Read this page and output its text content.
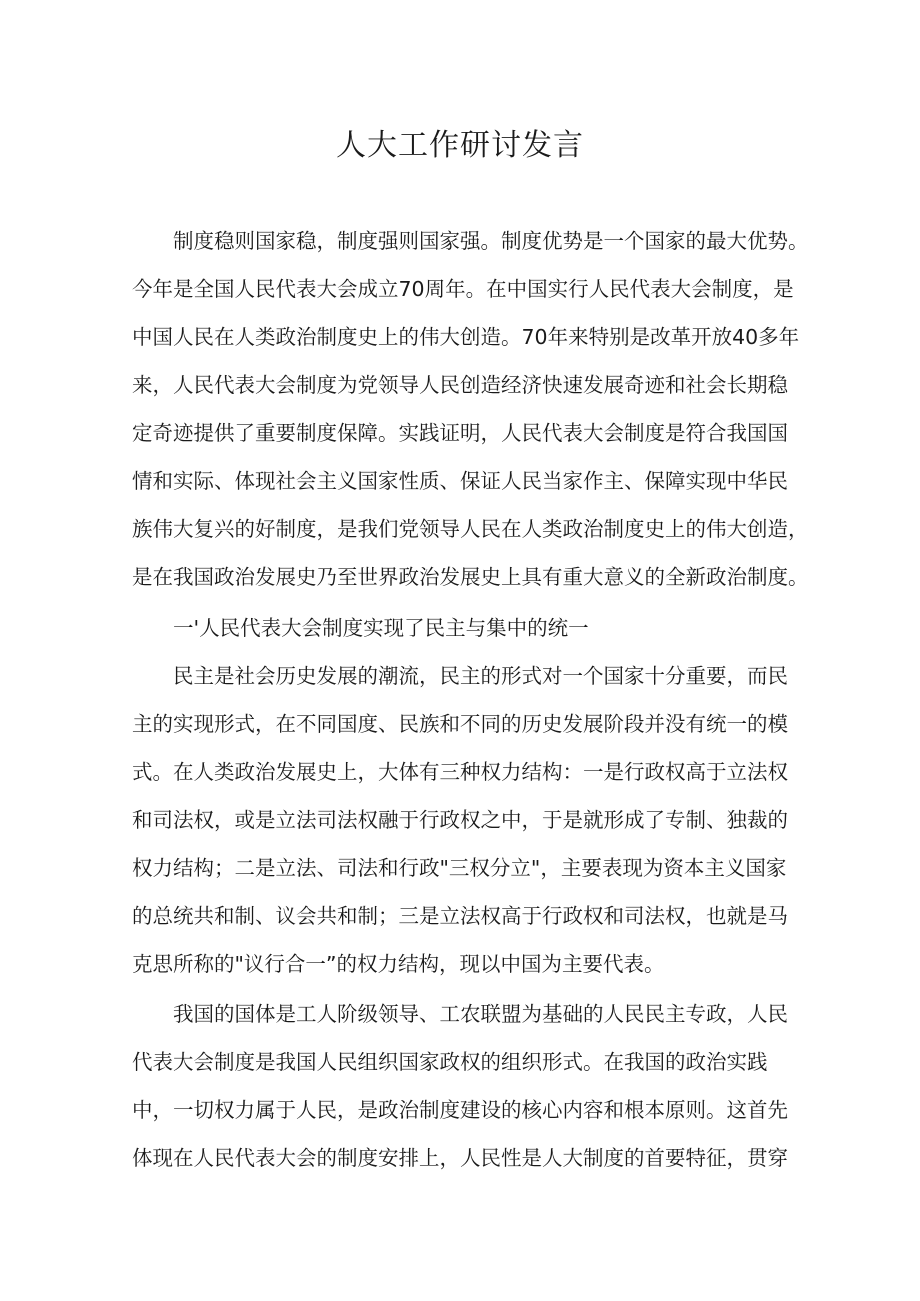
人大工作研讨发言
　　制度稳则国家稳，制度强则国家强。制度优势是一个国家的最大优势。
今年是全国人民代表大会成立70周年。在中国实行人民代表大会制度，是
中国人民在人类政治制度史上的伟大创造。70年来特别是改革开放40多年
来，人民代表大会制度为党领导人民创造经济快速发展奇迹和社会长期稳
定奇迹提供了重要制度保障。实践证明，人民代表大会制度是符合我国国
情和实际、体现社会主义国家性质、保证人民当家作主、保障实现中华民
族伟大复兴的好制度，是我们党领导人民在人类政治制度史上的伟大创造，
是在我国政治发展史乃至世界政治发展史上具有重大意义的全新政治制度。
　　一'人民代表大会制度实现了民主与集中的统一
　　民主是社会历史发展的潮流，民主的形式对一个国家十分重要，而民
主的实现形式，在不同国度、民族和不同的历史发展阶段并没有统一的模
式。在人类政治发展史上，大体有三种权力结构：一是行政权高于立法权
和司法权，或是立法司法权融于行政权之中，于是就形成了专制、独裁的
权力结构；二是立法、司法和行政"三权分立"，主要表现为资本主义国家
的总统共和制、议会共和制；三是立法权高于行政权和司法权，也就是马
克思所称的"议行合一”的权力结构，现以中国为主要代表。
　　我国的国体是工人阶级领导、工农联盟为基础的人民民主专政，人民
代表大会制度是我国人民组织国家政权的组织形式。在我国的政治实践
中，一切权力属于人民，是政治制度建设的核心内容和根本原则。这首先
体现在人民代表大会的制度安排上，人民性是人大制度的首要特征，贯穿
